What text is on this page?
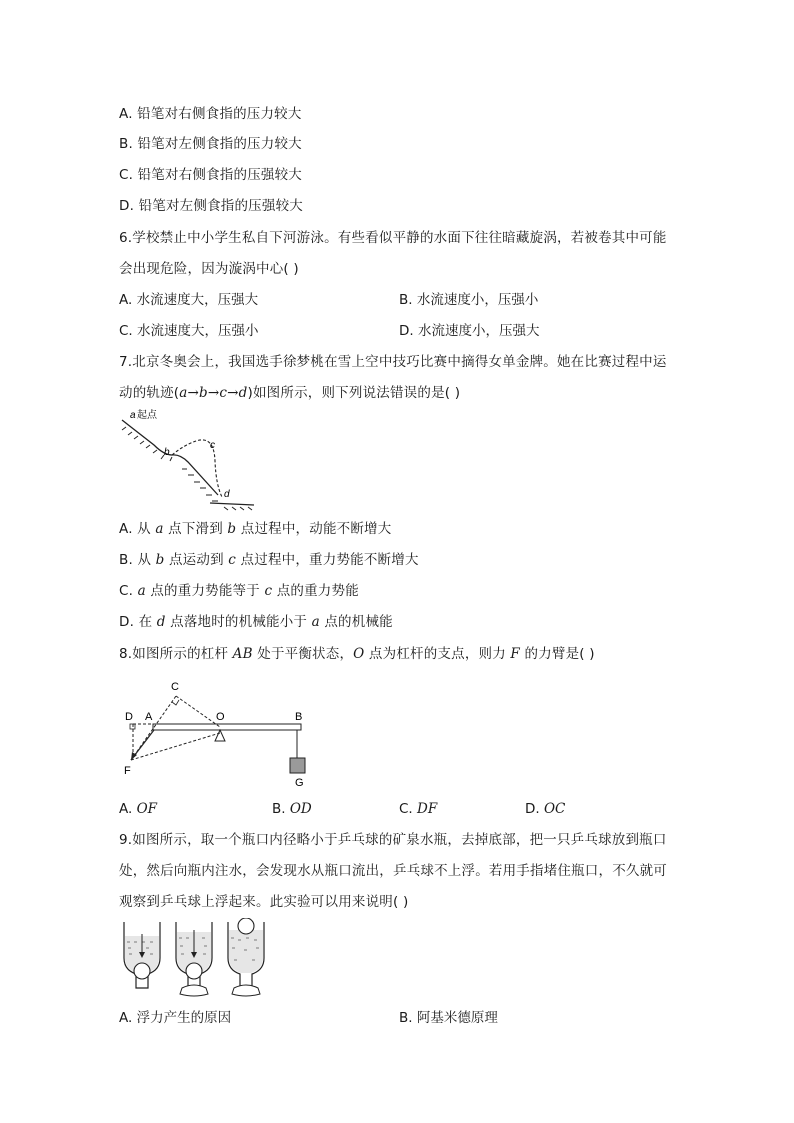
A. 铅笔对右侧食指的压力较大
B. 铅笔对左侧食指的压力较大
C. 铅笔对右侧食指的压强较大
D. 铅笔对左侧食指的压强较大
6.学校禁止中小学生私自下河游泳。有些看似平静的水面下往往暗藏旋涡，若被卷其中可能
会出现危险，因为漩涡中心( )
A. 水流速度大，压强大	B. 水流速度小，压强小
C. 水流速度大，压强小	D. 水流速度小，压强大
7.北京冬奥会上，我国选手徐梦桃在雪上空中技巧比赛中摘得女单金牌。她在比赛过程中运
动的轨迹(a→b→c→d)如图所示，则下列说法错误的是( )
a 起点
b
c
d
A. 从 a 点下滑到 b 点过程中，动能不断增大
B. 从 b 点运动到 c 点过程中，重力势能不断增大
C. a 点的重力势能等于 c 点的重力势能
D. 在 d 点落地时的机械能小于 a 点的机械能
8.如图所示的杠杆 AB 处于平衡状态，O 点为杠杆的支点，则力 F 的力臂是( )
C
D A	O	B
F
G
A. OF	B. OD	C. DF	D. OC
9.如图所示，取一个瓶口内径略小于乒乓球的矿泉水瓶，去掉底部，把一只乒乓球放到瓶口
处，然后向瓶内注水，会发现水从瓶口流出，乒乓球不上浮。若用手指堵住瓶口，不久就可
观察到乒乓球上浮起来。此实验可以用来说明( )
A. 浮力产生的原因	B. 阿基米德原理
